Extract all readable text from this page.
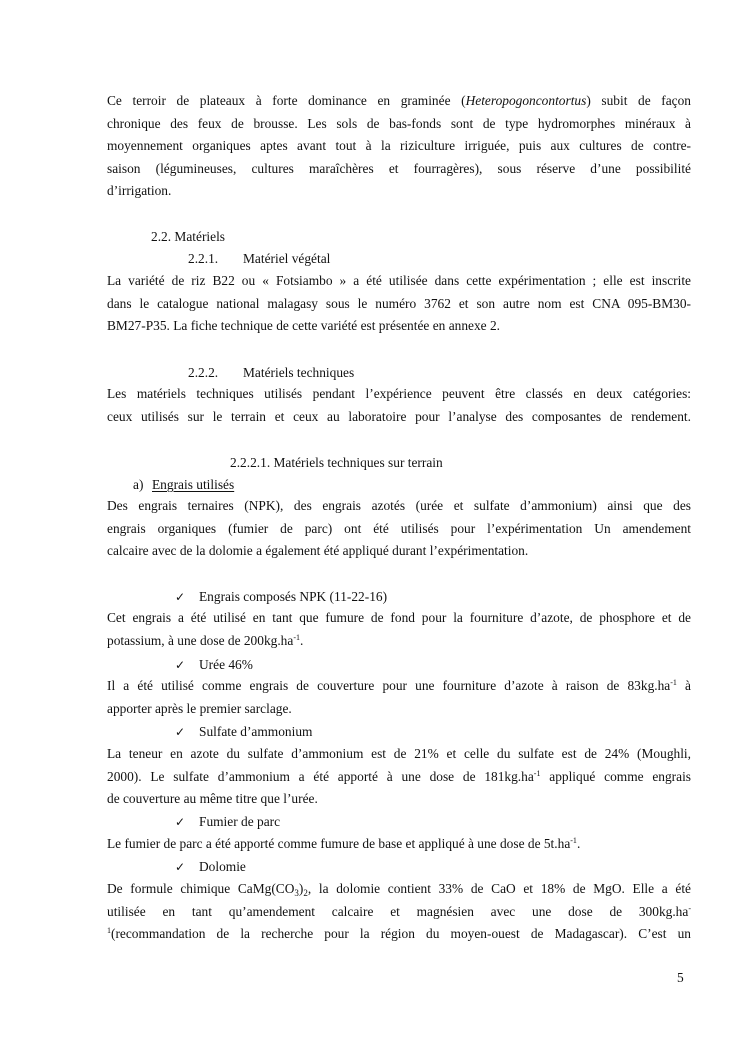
Ce terroir de plateaux à forte dominance en graminée (Heteropogoncontortus) subit de façon
chronique des feux de brousse. Les sols de bas-fonds sont de type hydromorphes minéraux à
moyennement organiques aptes avant tout à la riziculture irriguée, puis aux cultures de contre-
saison (légumineuses, cultures maraîchères et fourragères), sous réserve d’une possibilité
d’irrigation.
2.2. Matériels
2.2.1. Matériel végétal
La variété de riz B22 ou « Fotsiambo » a été utilisée dans cette expérimentation ; elle est inscrite
dans le catalogue national malagasy sous le numéro 3762 et son autre nom est CNA 095-BM30-
BM27-P35. La fiche technique de cette variété est présentée en annexe 2.
2.2.2. Matériels techniques
Les matériels techniques utilisés pendant l’expérience peuvent être classés en deux catégories:
ceux utilisés sur le terrain et ceux au laboratoire pour l’analyse des composantes de rendement.
2.2.2.1. Matériels techniques sur terrain
a) Engrais utilisés
Des engrais ternaires (NPK), des engrais azotés (urée et sulfate d’ammonium) ainsi que des
engrais organiques (fumier de parc) ont été utilisés pour l’expérimentation Un amendement
calcaire avec de la dolomie a également été appliqué durant l’expérimentation.
✓ Engrais composés NPK (11-22-16)
Cet engrais a été utilisé en tant que fumure de fond pour la fourniture d’azote, de phosphore et de
potassium, à une dose de $200kg.ha^{-1}$.
✓ Urée 46%
Il a été utilisé comme engrais de couverture pour une fourniture d’azote à raison de $83kg.ha^{-1}$ à
apporter après le premier sarclage.
✓ Sulfate d’ammonium
La teneur en azote du sulfate d’ammonium est de 21% et celle du sulfate est de 24% (Moughli,
2000). Le sulfate d’ammonium a été apporté à une dose de $181kg.ha^{-1}$ appliqué comme engrais
de couverture au même titre que l’urée.
✓ Fumier de parc
Le fumier de parc a été apporté comme fumure de base et appliqué à une dose de $5t.ha^{-1}$.
✓ Dolomie
De formule chimique $CaMg(CO_3)_2$, la dolomie contient 33% de CaO et 18% de MgO. Elle a été
utilisée en tant qu’amendement calcaire et magnésien avec une dose de 300kg.ha-
$^1$(recommandation de la recherche pour la région du moyen-ouest de Madagascar). C’est un
5
